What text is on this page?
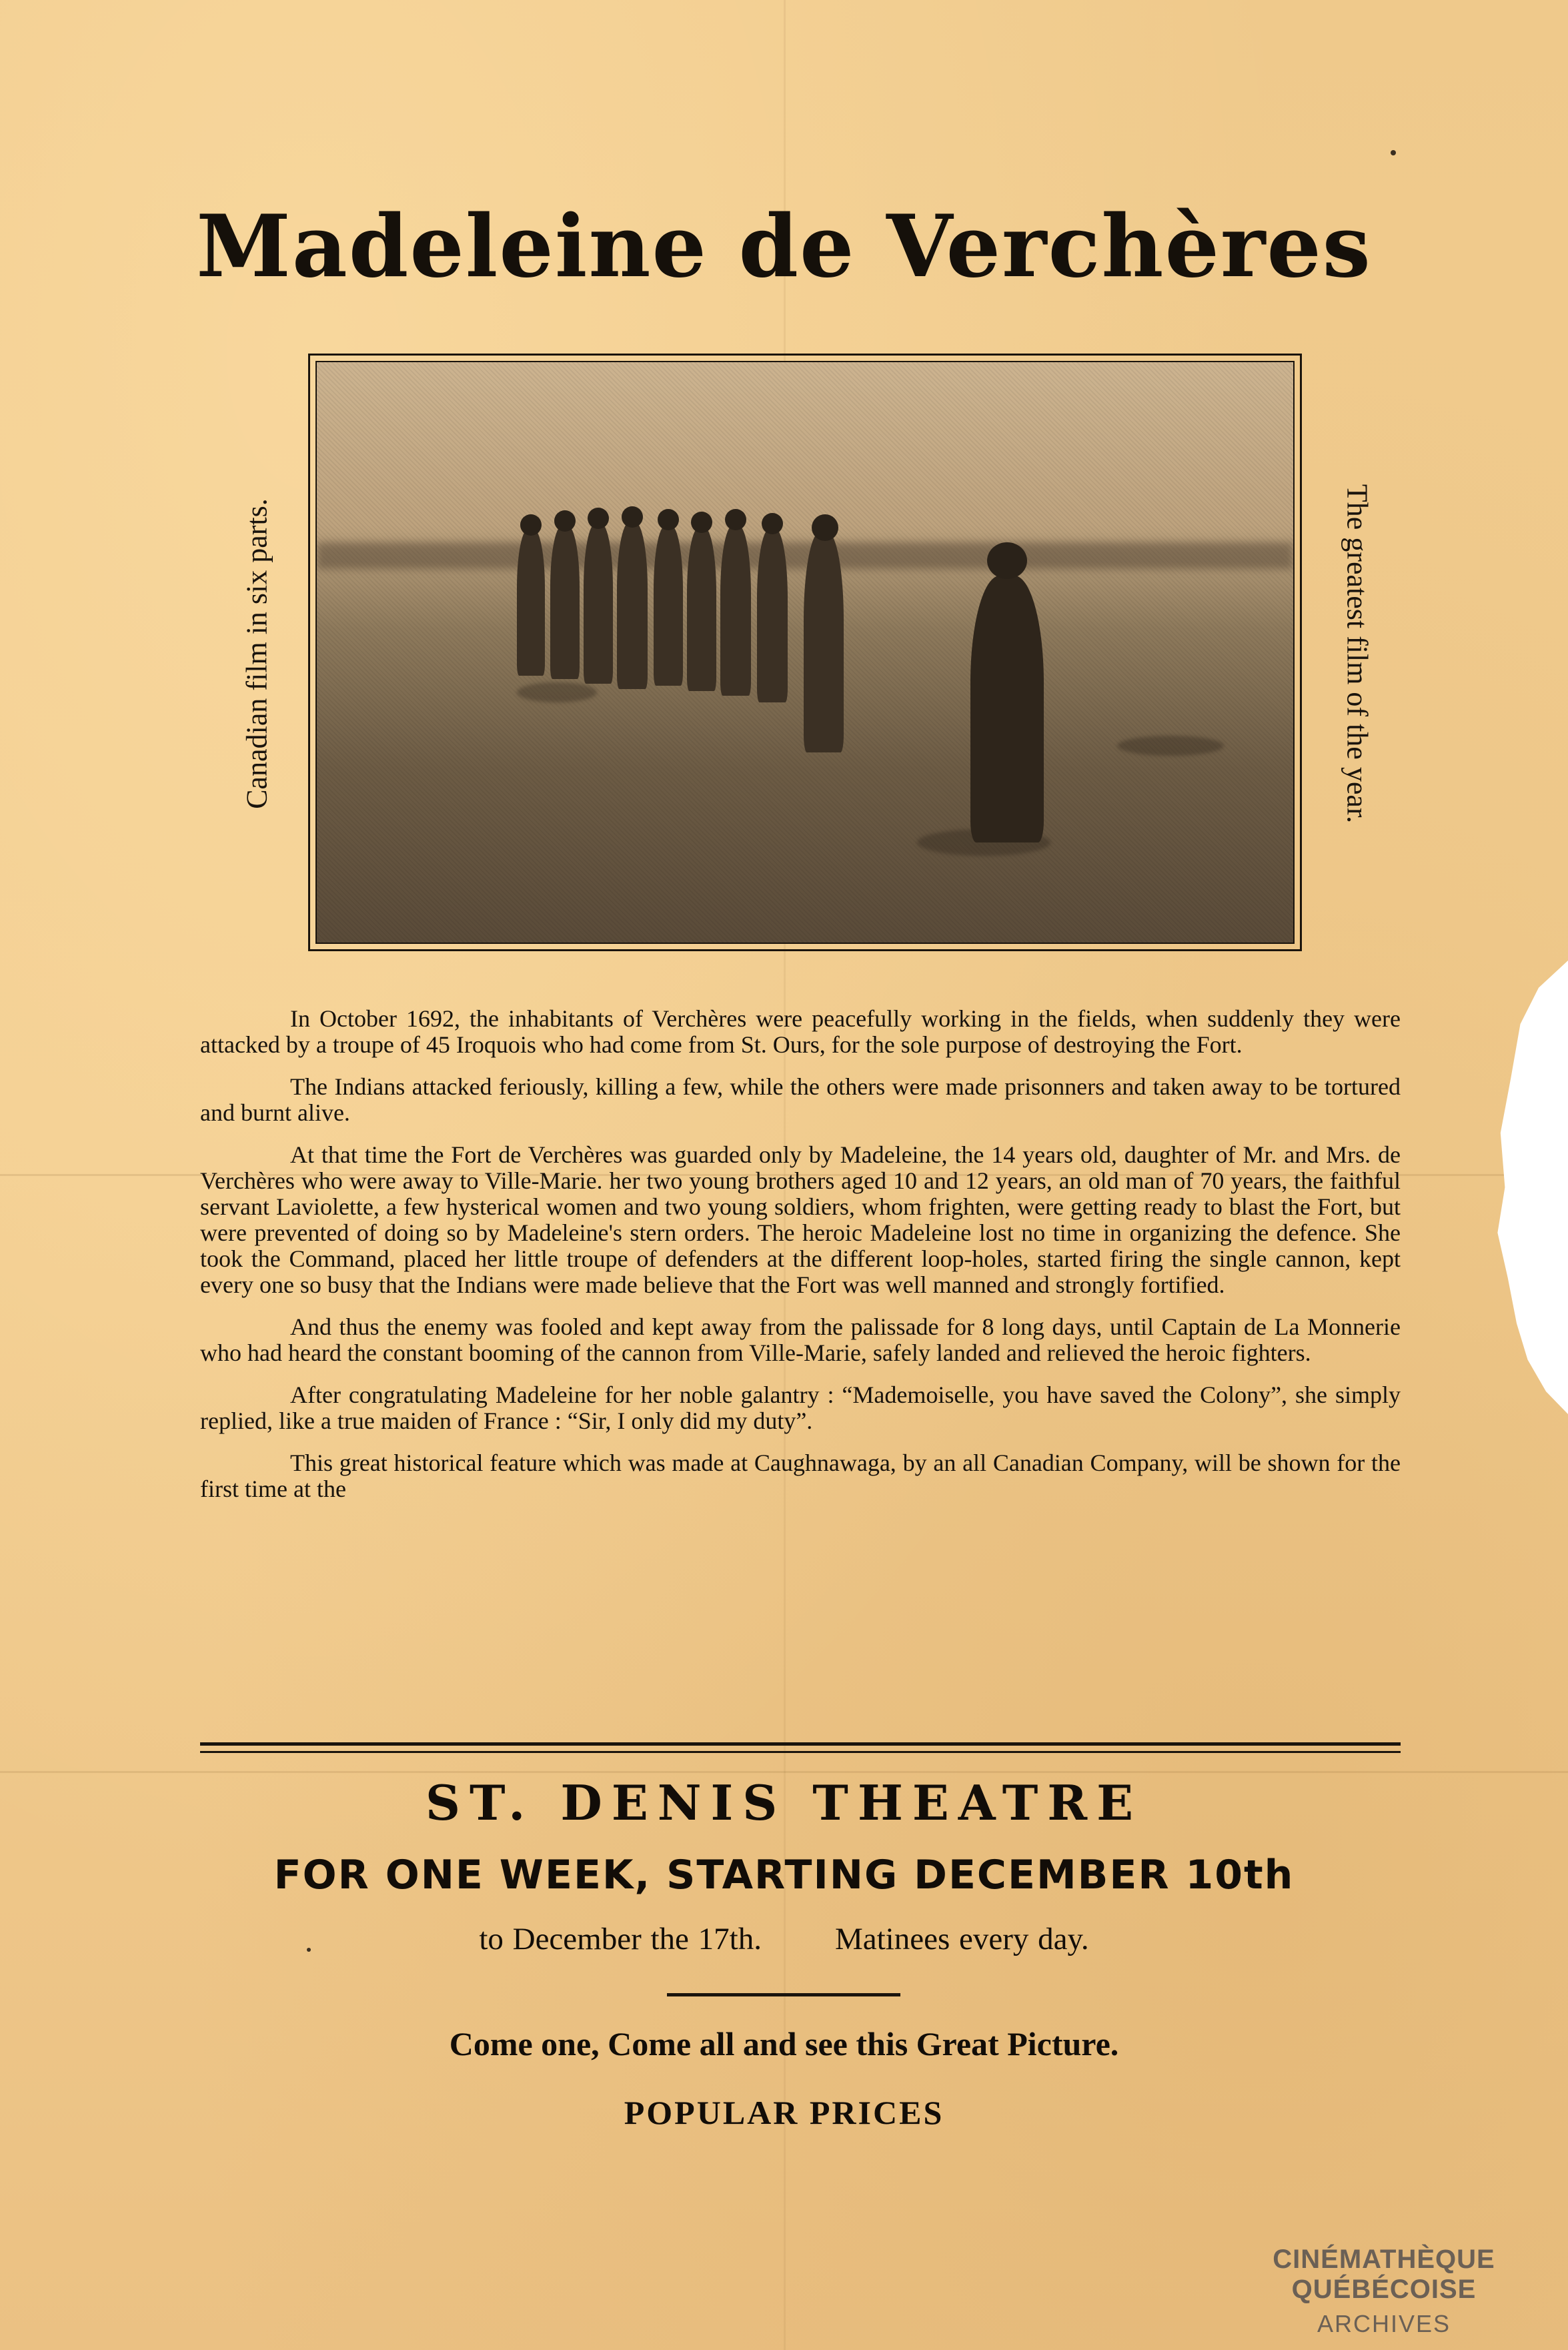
Madeleine de Verchères
Canadian film in six parts.	The greatest film of the year.

In October 1692, the inhabitants of Verchères were peacefully working in the fields, when suddenly they were attacked by a troupe of 45 Iroquois who had come from St. Ours, for the sole purpose of destroying the Fort.

The Indians attacked feriously, killing a few, while the others were made prisonners and taken away to be tortured and burnt alive.

At that time the Fort de Verchères was guarded only by Madeleine, the 14 years old, daughter of Mr. and Mrs. de Verchères who were away to Ville-Marie. her two young brothers aged 10 and 12 years, an old man of 70 years, the faithful servant Laviolette, a few hysterical women and two young soldiers, whom frighten, were getting ready to blast the Fort, but were prevented of doing so by Madeleine's stern orders. The heroic Madeleine lost no time in organizing the defence. She took the Command, placed her little troupe of defenders at the different loop-holes, started firing the single cannon, kept every one so busy that the Indians were made believe that the Fort was well manned and strongly fortified.

And thus the enemy was fooled and kept away from the palissade for 8 long days, until Captain de La Monnerie who had heard the constant booming of the cannon from Ville-Marie, safely landed and relieved the heroic fighters.

After congratulating Madeleine for her noble galantry : “Mademoiselle, you have saved the Colony”, she simply replied, like a true maiden of France : “Sir, I only did my duty”.

This great historical feature which was made at Caughnawaga, by an all Canadian Company, will be shown for the first time at the

ST. DENIS THEATRE
FOR ONE WEEK, STARTING DECEMBER 10th
to December the 17th. Matinees every day.
Come one, Come all and see this Great Picture.
POPULAR PRICES
CINÉMATHÈQUE QUÉBÉCOISE
ARCHIVES
